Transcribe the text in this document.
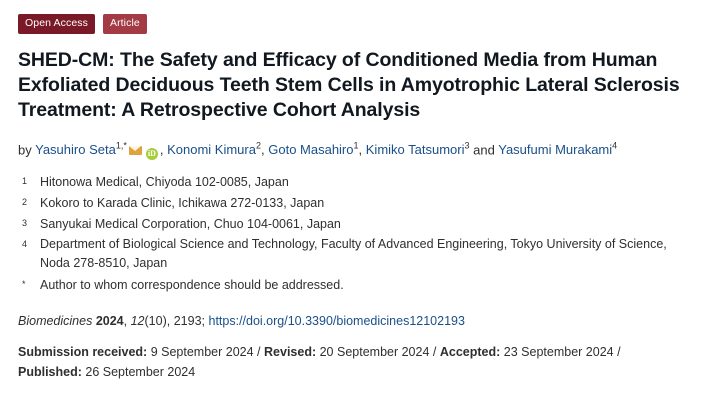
Open Access	Article
SHED-CM: The Safety and Efficacy of Conditioned Media from Human Exfoliated Deciduous Teeth Stem Cells in Amyotrophic Lateral Sclerosis Treatment: A Retrospective Cohort Analysis
by Yasuhiro Seta$^{1,*}$iD , Konomi Kimura$^2$, Goto Masahiro$^1$, Kimiko Tatsumori$^3$ and Yasufumi Murakami$^4$
1 Hitonowa Medical, Chiyoda 102-0085, Japan
2 Kokoro to Karada Clinic, Ichikawa 272-0133, Japan
3 Sanyukai Medical Corporation, Chuo 104-0061, Japan
4 Department of Biological Science and Technology, Faculty of Advanced Engineering, Tokyo University of Science, Noda 278-8510, Japan
* Author to whom correspondence should be addressed.
Biomedicines 2024, 12(10), 2193; https://doi.org/10.3390/biomedicines12102193
Submission received: 9 September 2024 / Revised: 20 September 2024 / Accepted: 23 September 2024 / Published: 26 September 2024
